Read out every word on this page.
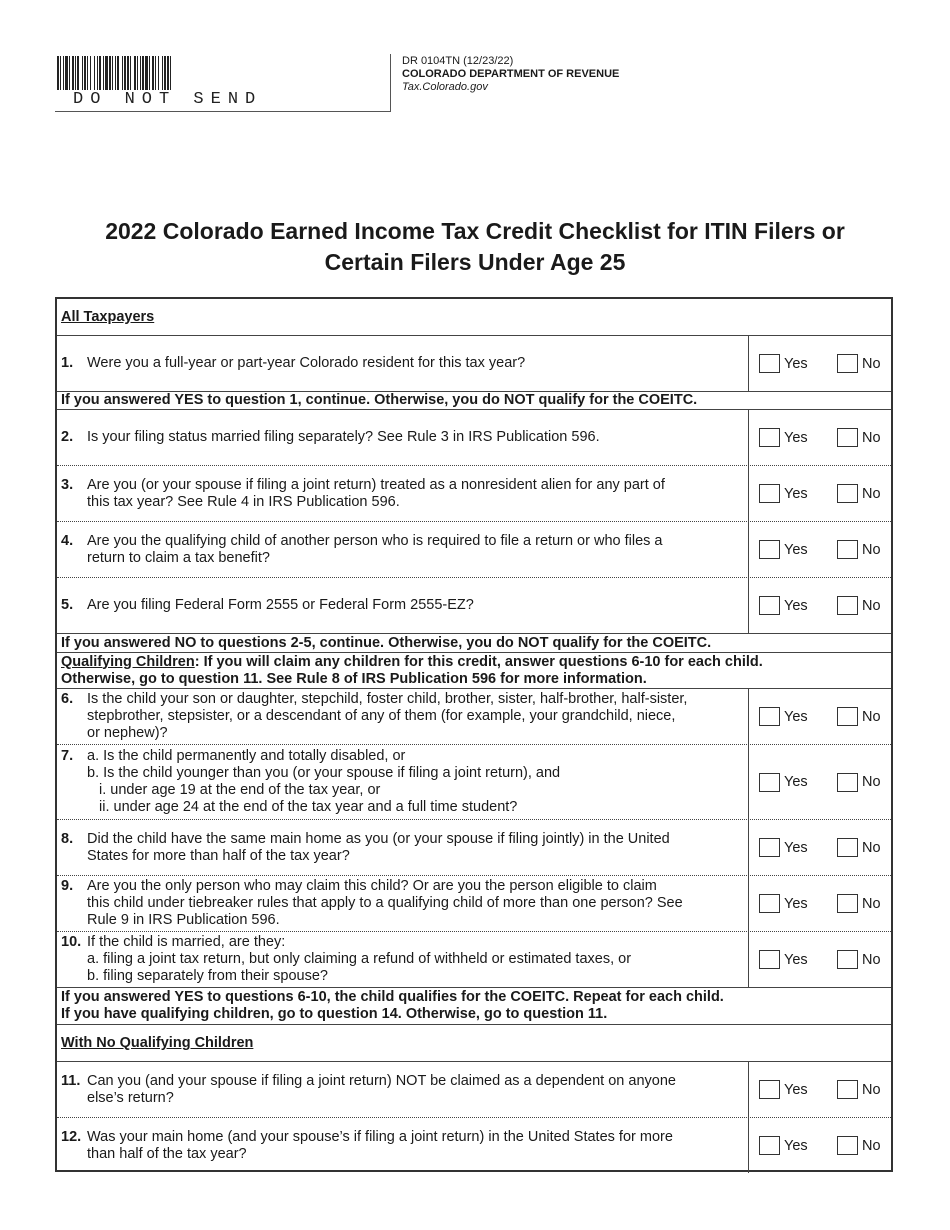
DO NOT SEND
DR 0104TN (12/23/22)
COLORADO DEPARTMENT OF REVENUE
Tax.Colorado.gov
2022 Colorado Earned Income Tax Credit Checklist for ITIN Filers or
Certain Filers Under Age 25
All Taxpayers
1. Were you a full-year or part-year Colorado resident for this tax year?	Yes	No
If you answered YES to question 1, continue. Otherwise, you do NOT qualify for the COEITC.
2. Is your filing status married filing separately? See Rule 3 in IRS Publication 596.	Yes	No
3. Are you (or your spouse if filing a joint return) treated as a nonresident alien for any part of
this tax year? See Rule 4 in IRS Publication 596.	Yes	No
4. Are you the qualifying child of another person who is required to file a return or who files a
return to claim a tax benefit?	Yes	No
5. Are you filing Federal Form 2555 or Federal Form 2555-EZ?	Yes	No
If you answered NO to questions 2-5, continue. Otherwise, you do NOT qualify for the COEITC.
Qualifying Children: If you will claim any children for this credit, answer questions 6-10 for each child.
Otherwise, go to question 11. See Rule 8 of IRS Publication 596 for more information.
6. Is the child your son or daughter, stepchild, foster child, brother, sister, half-brother, half-sister,
stepbrother, stepsister, or a descendant of any of them (for example, your grandchild, niece,
or nephew)?
Yes	No
7. a. Is the child permanently and totally disabled, or
b. Is the child younger than you (or your spouse if filing a joint return), and
i. under age 19 at the end of the tax year, or
ii. under age 24 at the end of the tax year and a full time student?
Yes	No
8. Did the child have the same main home as you (or your spouse if filing jointly) in the United
States for more than half of the tax year?	Yes	No
9. Are you the only person who may claim this child? Or are you the person eligible to claim
this child under tiebreaker rules that apply to a qualifying child of more than one person? See
Rule 9 in IRS Publication 596.
Yes	No
10. If the child is married, are they:
a. filing a joint tax return, but only claiming a refund of withheld or estimated taxes, or
b. filing separately from their spouse?
Yes	No
If you answered YES to questions 6-10, the child qualifies for the COEITC. Repeat for each child.
If you have qualifying children, go to question 14. Otherwise, go to question 11.
With No Qualifying Children
11. Can you (and your spouse if filing a joint return) NOT be claimed as a dependent on anyone
else’s return?	Yes	No
12. Was your main home (and your spouse’s if filing a joint return) in the United States for more
than half of the tax year?	Yes	No
